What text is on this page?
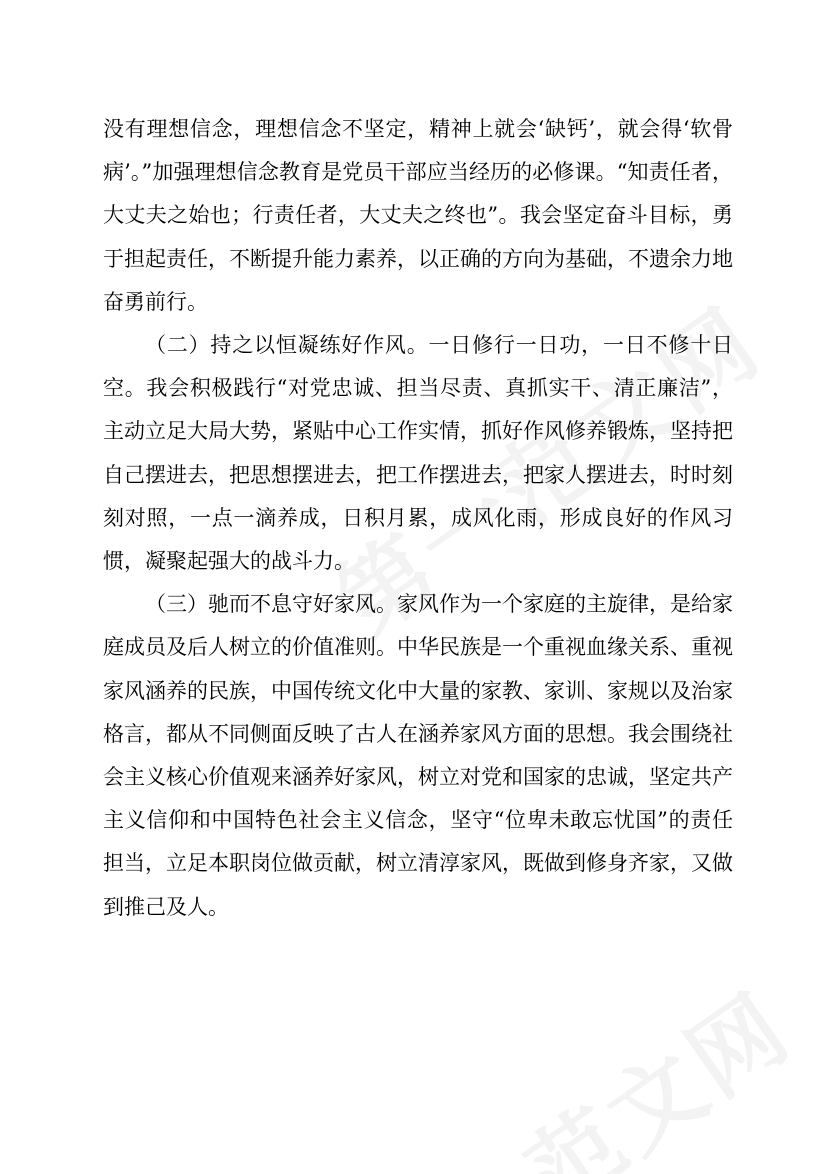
没有理想信念，理想信念不坚定，精神上就会‘缺钙’，就会得‘软骨病’。”加强理想信念教育是党员干部应当经历的必修课。“知责任者，大丈夫之始也；行责任者，大丈夫之终也”。我会坚定奋斗目标，勇于担起责任，不断提升能力素养，以正确的方向为基础，不遗余力地奋勇前行。

（二）持之以恒凝练好作风。一日修行一日功，一日不修十日空。我会积极践行“对党忠诚、担当尽责、真抓实干、清正廉洁”，主动立足大局大势，紧贴中心工作实情，抓好作风修养锻炼，坚持把自己摆进去，把思想摆进去，把工作摆进去，把家人摆进去，时时刻刻对照，一点一滴养成，日积月累，成风化雨，形成良好的作风习惯，凝聚起强大的战斗力。

（三）驰而不息守好家风。家风作为一个家庭的主旋律，是给家庭成员及后人树立的价值准则。中华民族是一个重视血缘关系、重视家风涵养的民族，中国传统文化中大量的家教、家训、家规以及治家格言，都从不同侧面反映了古人在涵养家风方面的思想。我会围绕社会主义核心价值观来涵养好家风，树立对党和国家的忠诚，坚定共产主义信仰和中国特色社会主义信念，坚守“位卑未敢忘忧国”的责任担当，立足本职岗位做贡献，树立清淳家风，既做到修身齐家，又做到推己及人。
